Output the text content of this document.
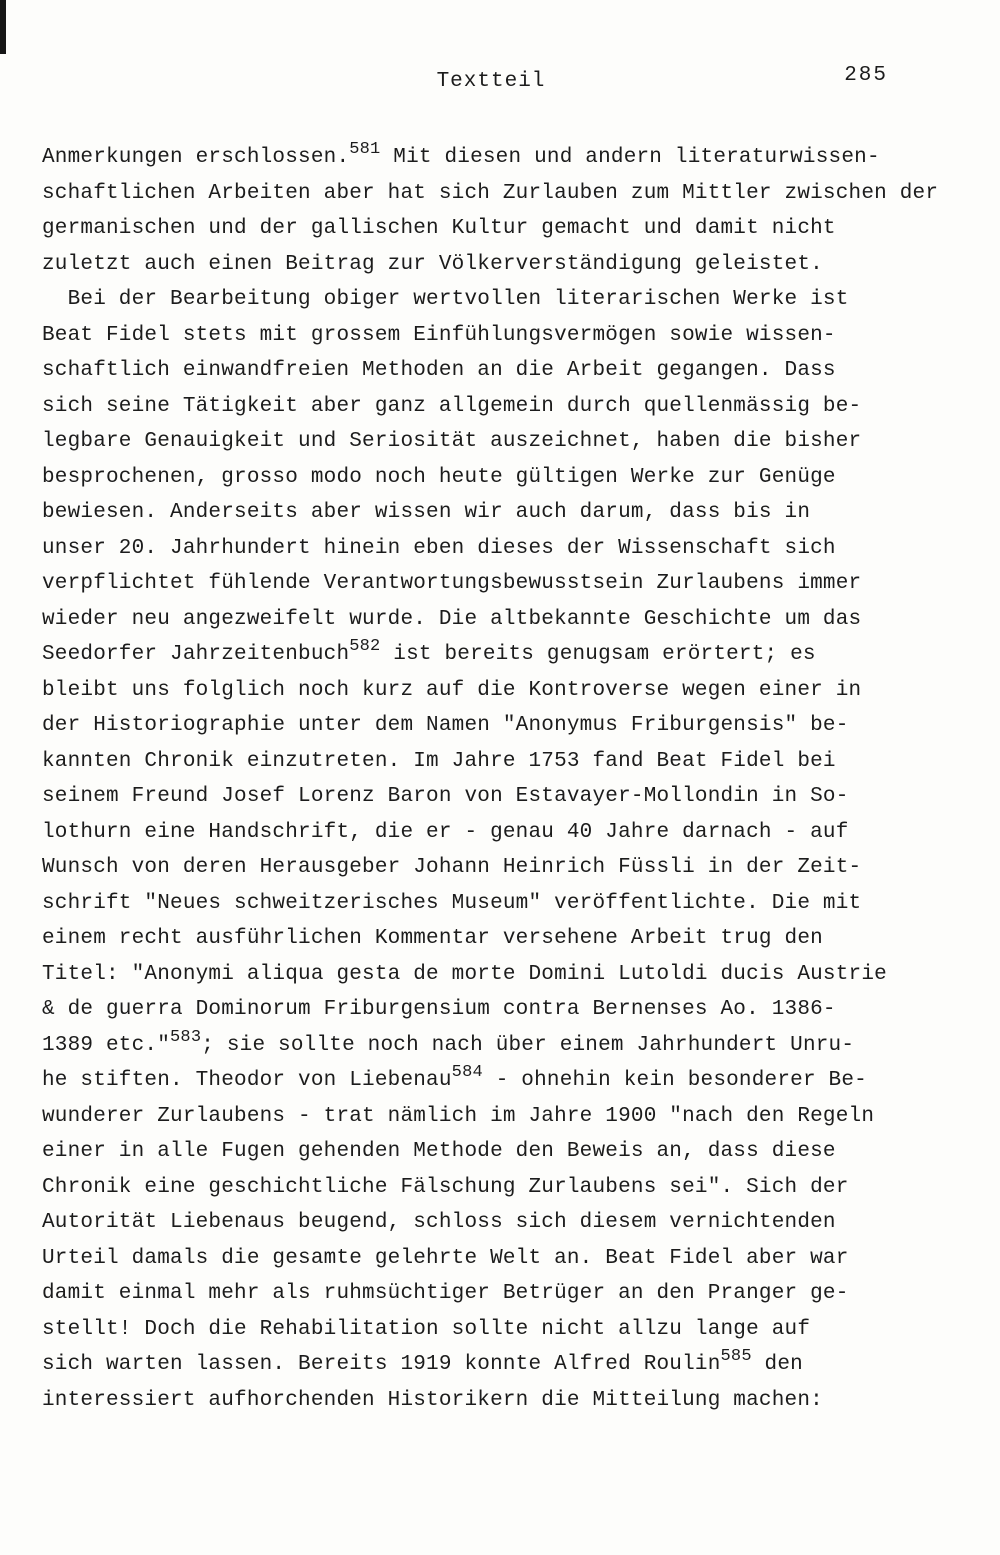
Textteil	285
Anmerkungen erschlossen.$^{581}$ Mit diesen und andern literaturwissen-
schaftlichen Arbeiten aber hat sich Zurlauben zum Mittler zwischen der
germanischen und der gallischen Kultur gemacht und damit nicht
zuletzt auch einen Beitrag zur Völkerverständigung geleistet.
Bei der Bearbeitung obiger wertvollen literarischen Werke ist
Beat Fidel stets mit grossem Einfühlungsvermögen sowie wissen-
schaftlich einwandfreien Methoden an die Arbeit gegangen. Dass
sich seine Tätigkeit aber ganz allgemein durch quellenmässig be-
legbare Genauigkeit und Seriosität auszeichnet, haben die bisher
besprochenen, grosso modo noch heute gültigen Werke zur Genüge
bewiesen. Anderseits aber wissen wir auch darum, dass bis in
unser 20. Jahrhundert hinein eben dieses der Wissenschaft sich
verpflichtet fühlende Verantwortungsbewusstsein Zurlaubens immer
wieder neu angezweifelt wurde. Die altbekannte Geschichte um das
Seedorfer Jahrzeitenbuch$^{582}$ ist bereits genugsam erörtert; es
bleibt uns folglich noch kurz auf die Kontroverse wegen einer in
der Historiographie unter dem Namen "Anonymus Friburgensis" be-
kannten Chronik einzutreten. Im Jahre 1753 fand Beat Fidel bei
seinem Freund Josef Lorenz Baron von Estavayer-Mollondin in So-
lothurn eine Handschrift, die er - genau 40 Jahre darnach - auf
Wunsch von deren Herausgeber Johann Heinrich Füssli in der Zeit-
schrift "Neues schweitzerisches Museum" veröffentlichte. Die mit
einem recht ausführlichen Kommentar versehene Arbeit trug den
Titel: "Anonymi aliqua gesta de morte Domini Lutoldi ducis Austrie
& de guerra Dominorum Friburgensium contra Bernenses Ao. 1386-
1389 etc."$^{583}$; sie sollte noch nach über einem Jahrhundert Unru-
he stiften. Theodor von Liebenau$^{584}$ - ohnehin kein besonderer Be-
wunderer Zurlaubens - trat nämlich im Jahre 1900 "nach den Regeln
einer in alle Fugen gehenden Methode den Beweis an, dass diese
Chronik eine geschichtliche Fälschung Zurlaubens sei". Sich der
Autorität Liebenaus beugend, schloss sich diesem vernichtenden
Urteil damals die gesamte gelehrte Welt an. Beat Fidel aber war
damit einmal mehr als ruhmsüchtiger Betrüger an den Pranger ge-
stellt! Doch die Rehabilitation sollte nicht allzu lange auf
sich warten lassen. Bereits 1919 konnte Alfred Roulin$^{585}$ den
interessiert aufhorchenden Historikern die Mitteilung machen:
